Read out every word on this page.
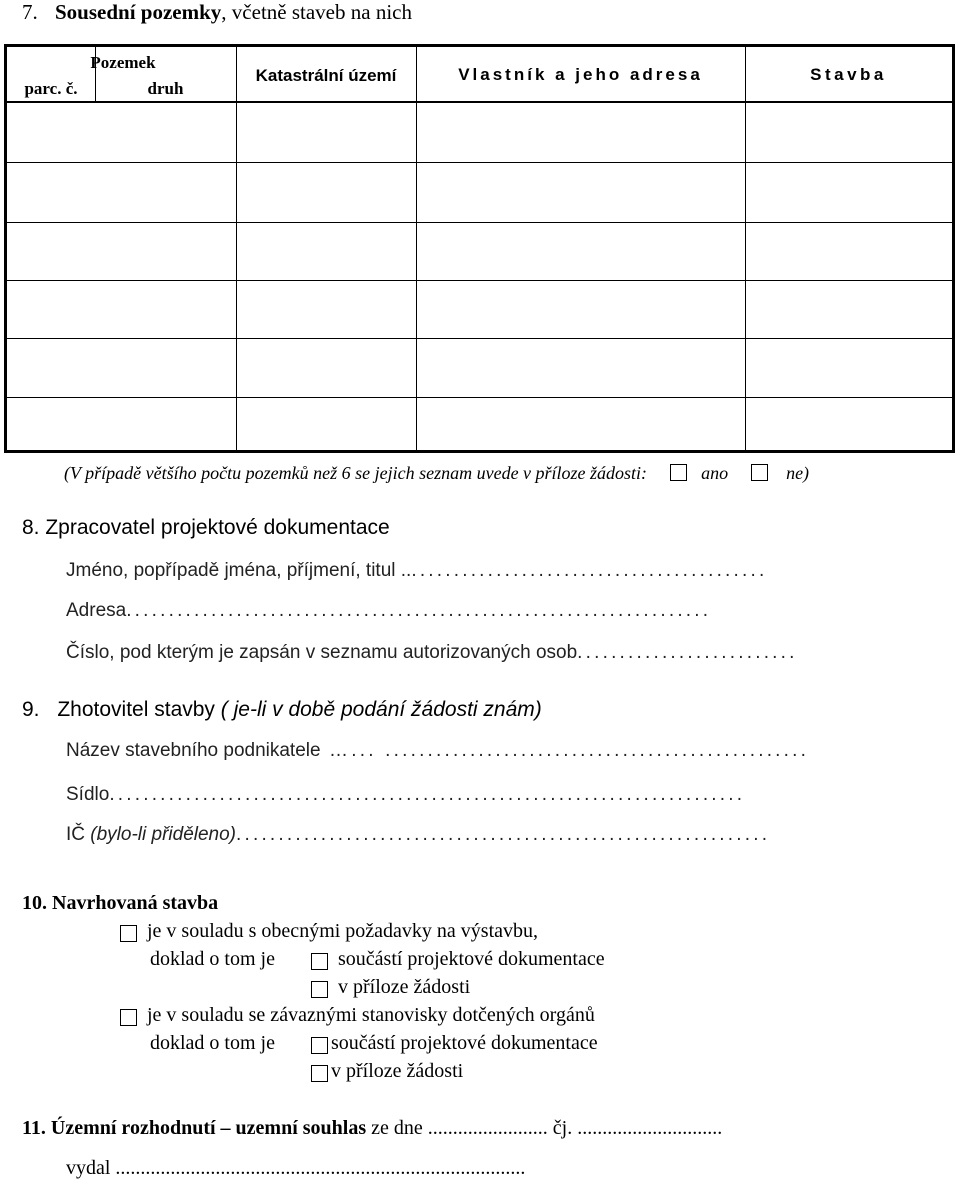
7. Sousední pozemky, včetně staveb na nich
Pozemek
parc. č.	druh
Katastrální území	Vlastník a jeho adresa	Stavba
(V případě většího počtu pozemků než 6 se jejich seznam uvede v příloze žádosti:	ano	ne)
8. Zpracovatel projektové dokumentace
Jméno, popřípadě jména, příjmení, titul ............................................
Adresa.....................................................................
Číslo, pod kterým je zapsán v seznamu autorizovaných osob..........................
9. Zhotovitel stavby ( je-li v době podání žádosti znám)
Název stavebního podnikatele …... ..................................................
Sídlo...........................................................................
IČ (bylo-li přiděleno)...............................................................
10. Navrhovaná stavba
je v souladu s obecnými požadavky na výstavbu,
doklad o tom je	součástí projektové dokumentace
v příloze žádosti
je v souladu se závaznými stanovisky dotčených orgánů
doklad o tom je	součástí projektové dokumentace
v příloze žádosti
11. Územní rozhodnutí – uzemní souhlas ze dne ........................ čj. .............................
vydal ..................................................................................
